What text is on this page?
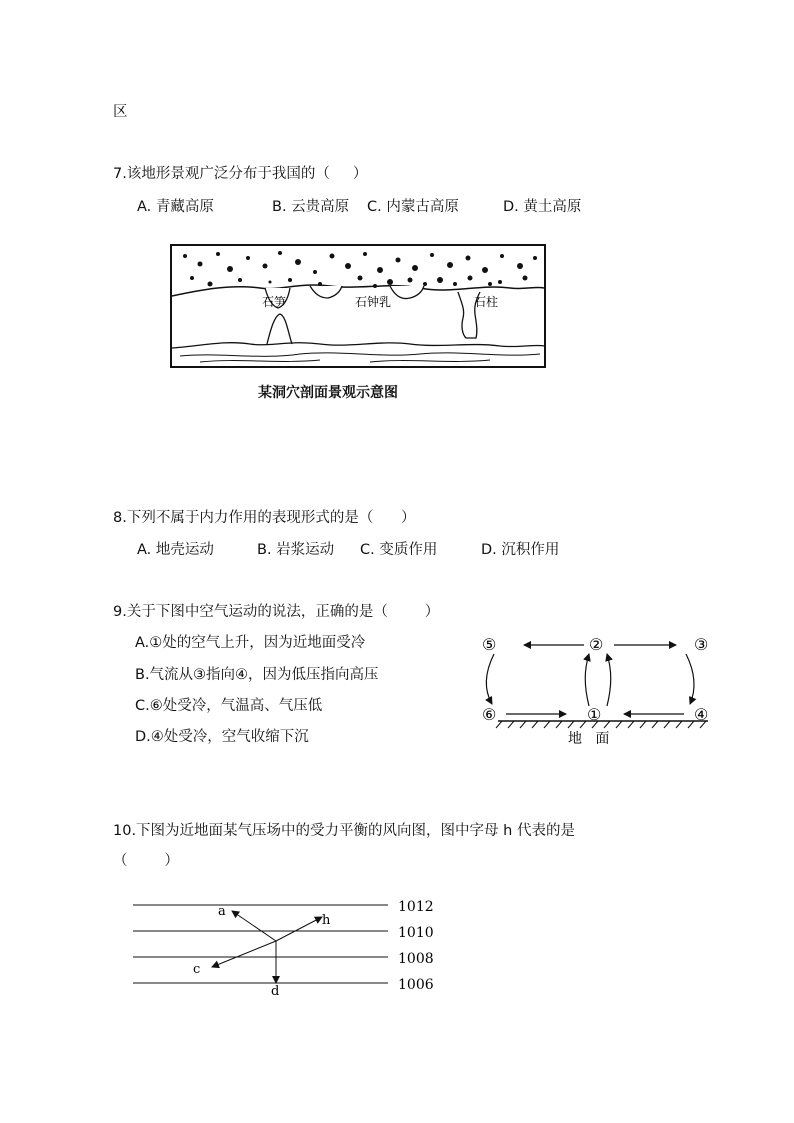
区
7.该地形景观广泛分布于我国的（     ）
A. 青藏高原	B. 云贵高原 C. 内蒙古高原	D. 黄土高原
石笋	石钟乳	石柱
某洞穴剖面景观示意图
8.下列不属于内力作用的表现形式的是（      ）
A. 地壳运动	B. 岩浆运动 C. 变质作用	D. 沉积作用
9.关于下图中空气运动的说法，正确的是（        ）
A.①处的空气上升，因为近地面受冷
B.气流从③指向④，因为低压指向高压
C.⑥处受冷，气温高、气压低
D.④处受冷，空气收缩下沉
⑤	②	③
⑥	①	④
地   面
10.下图为近地面某气压场中的受力平衡的风向图，图中字母 h 代表的是
（        ）
1012
1010
1008
1006
a
h
c
d
